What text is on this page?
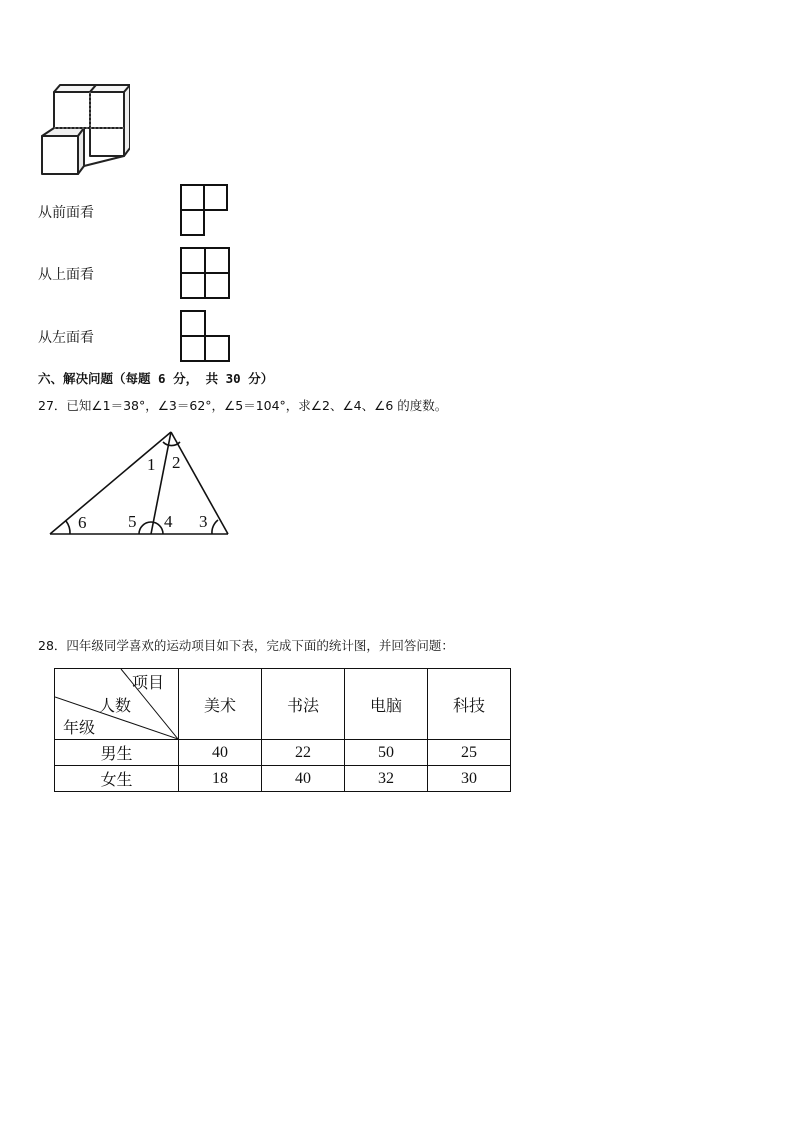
从前面看
从上面看
从左面看
六、解决问题（每题 6 分， 共 30 分）
27．已知∠1＝38°，∠3＝62°，∠5＝104°，求∠2、∠4、∠6 的度数。
1 2
3
4
5
6
28．四年级同学喜欢的运动项目如下表，完成下面的统计图，并回答问题：
项目
人数
年级	美术	书法	电脑	科技
男生	40	22	50	25
女生	18	40	32	30
